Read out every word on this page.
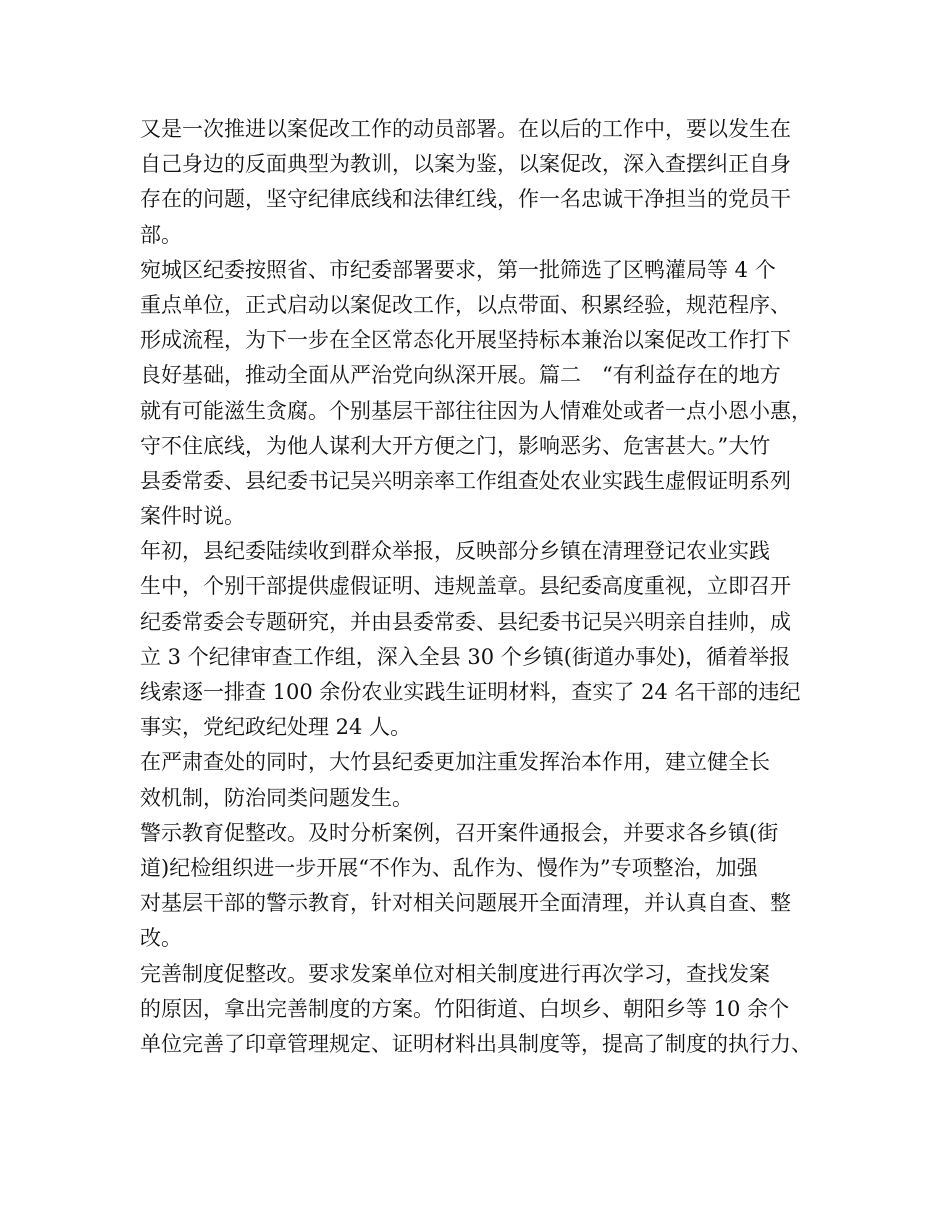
又是一次推进以案促改工作的动员部署。在以后的工作中，要以发生在
自己身边的反面典型为教训，以案为鉴，以案促改，深入查摆纠正自身
存在的问题，坚守纪律底线和法律红线，作一名忠诚干净担当的党员干
部。
宛城区纪委按照省、市纪委部署要求，第一批筛选了区鸭灌局等 4 个
重点单位，正式启动以案促改工作，以点带面、积累经验，规范程序、
形成流程，为下一步在全区常态化开展坚持标本兼治以案促改工作打下
良好基础，推动全面从严治党向纵深开展。篇二　“有利益存在的地方
就有可能滋生贪腐。个别基层干部往往因为人情难处或者一点小恩小惠，
守不住底线，为他人谋利大开方便之门，影响恶劣、危害甚大。”大竹
县委常委、县纪委书记吴兴明亲率工作组查处农业实践生虚假证明系列
案件时说。
年初，县纪委陆续收到群众举报，反映部分乡镇在清理登记农业实践
生中，个别干部提供虚假证明、违规盖章。县纪委高度重视，立即召开
纪委常委会专题研究，并由县委常委、县纪委书记吴兴明亲自挂帅，成
立 3 个纪律审查工作组，深入全县 30 个乡镇(街道办事处)，循着举报
线索逐一排查 100 余份农业实践生证明材料，查实了 24 名干部的违纪
事实，党纪政纪处理 24 人。
在严肃查处的同时，大竹县纪委更加注重发挥治本作用，建立健全长
效机制，防治同类问题发生。
警示教育促整改。及时分析案例，召开案件通报会，并要求各乡镇(街
道)纪检组织进一步开展“不作为、乱作为、慢作为”专项整治，加强
对基层干部的警示教育，针对相关问题展开全面清理，并认真自查、整
改。
完善制度促整改。要求发案单位对相关制度进行再次学习，查找发案
的原因，拿出完善制度的方案。竹阳街道、白坝乡、朝阳乡等 10 余个
单位完善了印章管理规定、证明材料出具制度等，提高了制度的执行力、
